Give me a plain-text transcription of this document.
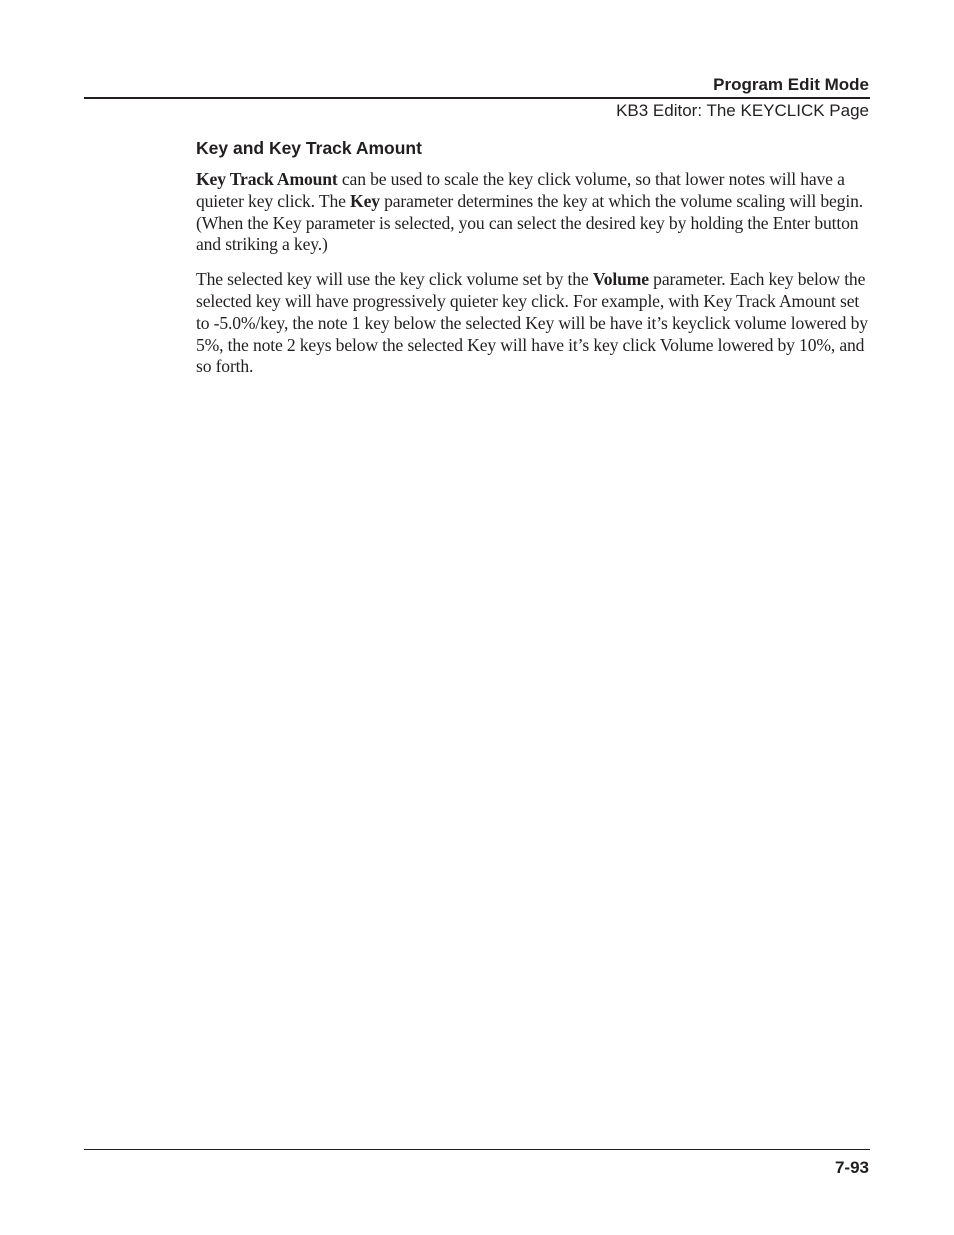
Program Edit Mode
KB3 Editor: The KEYCLICK Page
Key and Key Track Amount

Key Track Amount can be used to scale the key click volume, so that lower notes will have a quieter key click. The Key parameter determines the key at which the volume scaling will begin. (When the Key parameter is selected, you can select the desired key by holding the Enter button and striking a key.)

The selected key will use the key click volume set by the Volume parameter. Each key below the selected key will have progressively quieter key click. For example, with Key Track Amount set to -5.0%/key, the note 1 key below the selected Key will be have it’s keyclick volume lowered by 5%, the note 2 keys below the selected Key will have it’s key click Volume lowered by 10%, and so forth.

7-93
